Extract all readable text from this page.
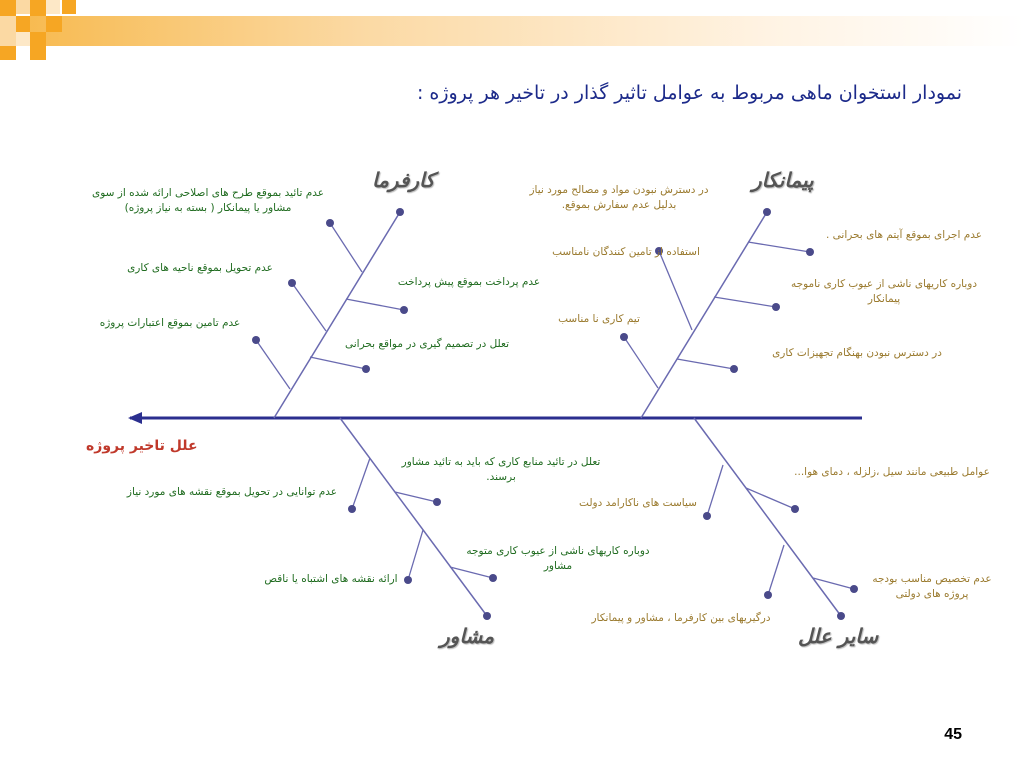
نمودار استخوان ماهی مربوط به عوامل تاثیر گذار در تاخیر هر پروژه :
کارفرما	پیمانکار
مشاور	سایر علل
علل تاخیر پروژه
عدم تائید بموقع طرح های اصلاحی ارائه شده از سوی مشاور یا پیمانکار ( بسته به نیاز پروژه)
عدم تحویل بموقع ناحیه های کاری
عدم تامین بموقع اعتبارات پروژه
عدم پرداخت بموقع پیش پرداخت
تعلل در تصمیم گیری در مواقع بحرانی
در دسترش نبودن مواد و مصالح مورد نیاز بدلیل عدم سفارش بموقع.
استفاده از تامین کنندگان نامناسب
تیم کاری نا مناسب
عدم اجرای بموقع آیتم های بحرانی .
دوباره کاریهای ناشی از عیوب کاری ناموجه پیمانکار
در دسترس نبودن بهنگام تجهیزات کاری
تعلل در تائید منابع کاری که باید به تائید مشاور برسند.
عدم توانایی در تحویل بموقع نقشه های مورد نیاز
دوباره کاریهای ناشی از عیوب کاری متوجه مشاور
ارائه نقشه های اشتباه یا ناقص
عوامل طبیعی مانند سیل ،زلزله ، دمای هوا...
سیاست های ناکارامد دولت
عدم تخصیص مناسب بودجه پروژه های دولتی
درگیریهای بین کارفرما ، مشاور و پیمانکار
45
